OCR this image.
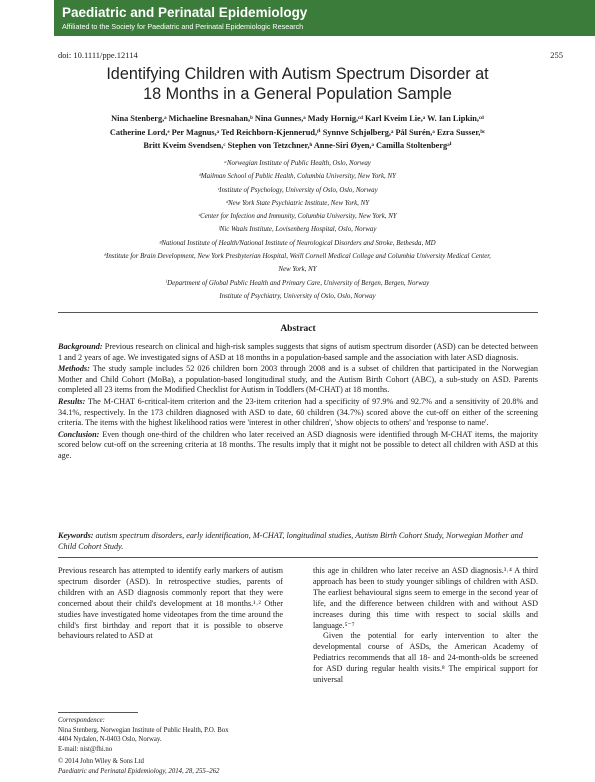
Paediatric and Perinatal Epidemiology
Affiliated to the Society for Paediatric and Perinatal Epidemiologic Research
doi: 10.1111/ppe.12114	255
Identifying Children with Autism Spectrum Disorder at
18 Months in a General Population Sample
Nina Stenberg,ᵃ Michaeline Bresnahan,ᵇ Nina Gunnes,ᵃ Mady Hornig,ᶜᵈ Karl Kveim Lie,ᵃ W. Ian Lipkin,ᶜᵈ
Catherine Lord,ᵉ Per Magnus,ᵃ Ted Reichborn-Kjennerud,ᶠⁱ Synnve Schjølberg,ᵃ Pål Surén,ᵃ Ezra Susser,ᵇᶜ
Britt Kveim Svendsen,ᶜ Stephen von Tetzchner,ʰ Anne-Siri Øyen,ᵃ Camilla Stoltenbergᵃⁱ
ᵃNorwegian Institute of Public Health, Oslo, Norway
ᵇMailman School of Public Health, Columbia University, New York, NY
ᶜInstitute of Psychology, University of Oslo, Oslo, Norway
ᵈNew York State Psychiatric Institute, New York, NY
ᵉCenter for Infection and Immunity, Columbia University, New York, NY
ᶠNic Waals Institute, Lovisenberg Hospital, Oslo, Norway
ᵍNational Institute of Health/National Institute of Neurological Disorders and Stroke, Bethesda, MD
ʰInstitute for Brain Development, New York Presbyterian Hospital, Weill Cornell Medical College and Columbia University Medical Center,
New York, NY
ⁱDepartment of Global Public Health and Primary Care, University of Bergen, Bergen, Norway
Institute of Psychiatry, University of Oslo, Oslo, Norway
Abstract

Background: Previous research on clinical and high-risk samples suggests that signs of autism spectrum disorder (ASD) can be detected between 1 and 2 years of age. We investigated signs of ASD at 18 months in a population-based sample and the association with later ASD diagnosis.

Methods: The study sample includes 52 026 children born 2003 through 2008 and is a subset of children that participated in the Norwegian Mother and Child Cohort (MoBa), a population-based longitudinal study, and the Autism Birth Cohort (ABC), a sub-study on ASD. Parents completed all 23 items from the Modified Checklist for Autism in Toddlers (M-CHAT) at 18 months.

Results: The M-CHAT 6-critical-item criterion and the 23-item criterion had a specificity of 97.9% and 92.7% and a sensitivity of 20.8% and 34.1%, respectively. In the 173 children diagnosed with ASD to date, 60 children (34.7%) scored above the cut-off on either of the screening criteria. The items with the highest likelihood ratios were 'interest in other children', 'show objects to others' and 'response to name'.

Conclusion: Even though one-third of the children who later received an ASD diagnosis were identified through M-CHAT items, the majority scored below cut-off on the screening criteria at 18 months. The results imply that it might not be possible to detect all children with ASD at this age.

Keywords: autism spectrum disorders, early identification, M-CHAT, longitudinal studies, Autism Birth Cohort Study, Norwegian Mother and Child Cohort Study.

Previous research has attempted to identify early markers of autism spectrum disorder (ASD). In retrospective studies, parents of children with an ASD diagnosis commonly report that they were concerned about their child's development at 18 months.¹˒² Other studies have investigated home videotapes from the time around the child's first birthday and report that it is possible to observe behaviours related to ASD at

this age in children who later receive an ASD diagnosis.³˒⁴ A third approach has been to study younger siblings of children with ASD. The earliest behavioural signs seem to emerge in the second year of life, and the difference between children with and without ASD increases during this time with respect to social skills and language.⁵⁻⁷

Given the potential for early intervention to alter the developmental course of ASDs, the American Academy of Pediatrics recommends that all 18- and 24-month-olds be screened for ASD during regular health visits.⁸ The empirical support for universal

Correspondence:
Nina Stenberg, Norwegian Institute of Public Health, P.O. Box
4404 Nydalen, N-0403 Oslo, Norway.
E-mail: nist@fhi.no
© 2014 John Wiley & Sons Ltd
Paediatric and Perinatal Epidemiology, 2014, 28, 255–262
